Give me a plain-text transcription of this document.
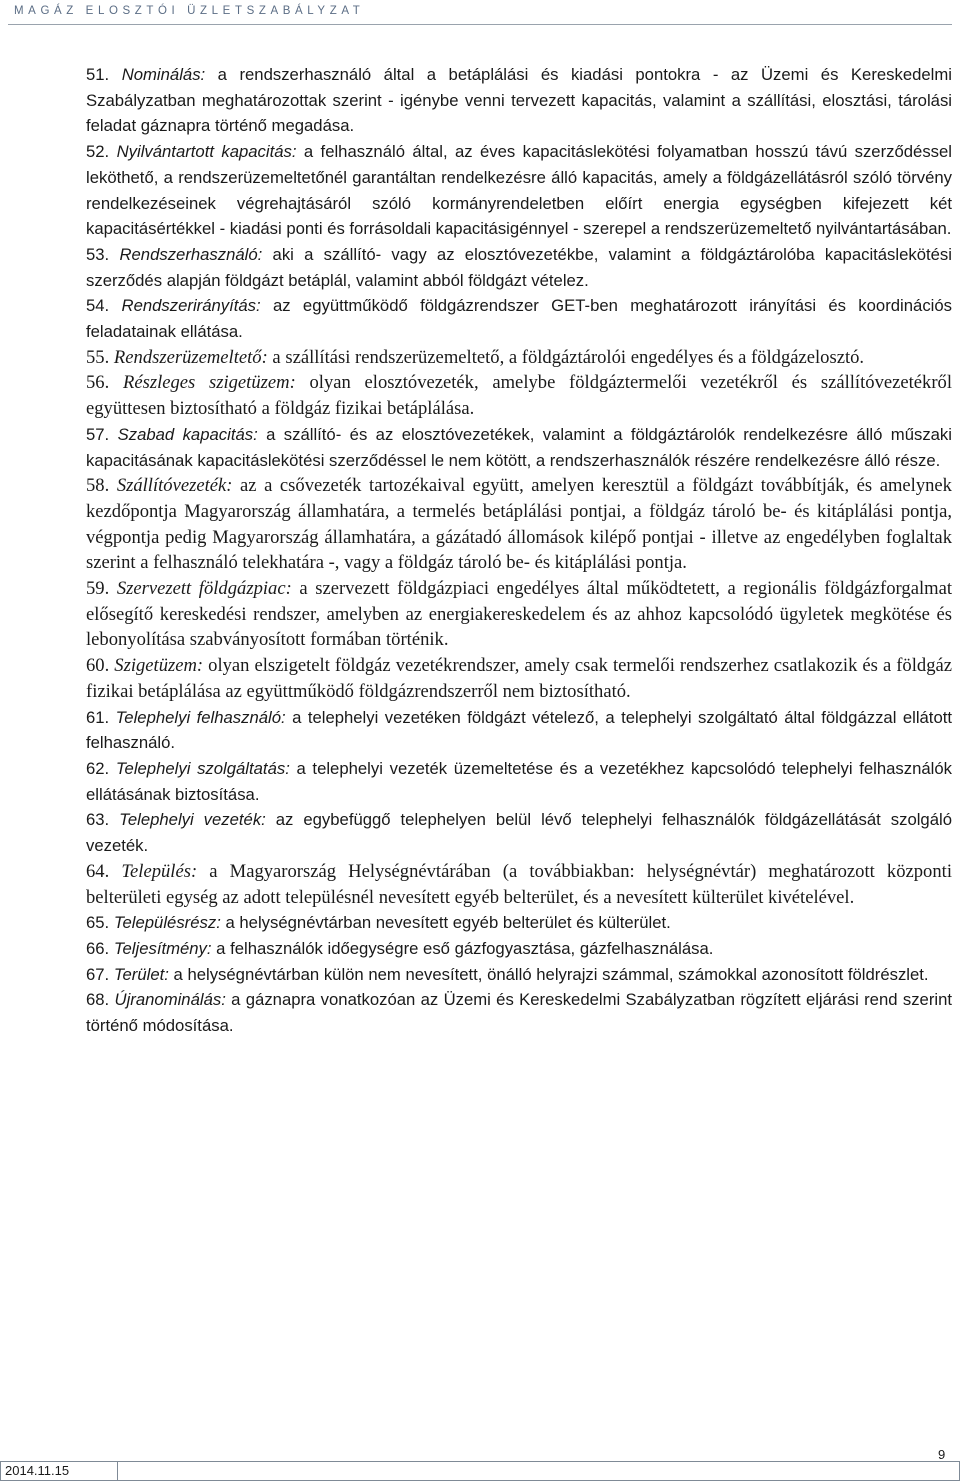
MAGÁZ ELOSZTÓI ÜZLETSZABÁLYZAT

51. Nominálás: a rendszerhasználó által a betáplálási és kiadási pontokra - az Üzemi és Kereskedelmi Szabályzatban meghatározottak szerint - igénybe venni tervezett kapacitás, valamint a szállítási, elosztási, tárolási feladat gáznapra történő megadása.

52. Nyilvántartott kapacitás: a felhasználó által, az éves kapacitáslekötési folyamatban hosszú távú szerződéssel leköthető, a rendszerüzemeltetőnél garantáltan rendelkezésre álló kapacitás, amely a földgázellátásról szóló törvény rendelkezéseinek végrehajtásáról szóló kormányrendeletben előírt energia egységben kifejezett két kapacitásértékkel - kiadási ponti és forrásoldali kapacitásigénnyel - szerepel a rendszerüzemeltető nyilvántartásában.

53. Rendszerhasználó: aki a szállító- vagy az elosztóvezetékbe, valamint a földgáztárolóba kapacitáslekötési szerződés alapján földgázt betáplál, valamint abból földgázt vételez.

54. Rendszerirányítás: az együttműködő földgázrendszer GET-ben meghatározott irányítási és koordinációs feladatainak ellátása.

55. Rendszerüzemeltető: a szállítási rendszerüzemeltető, a földgáztárolói engedélyes és a földgázelosztó.

56. Részleges szigetüzem: olyan elosztóvezeték, amelybe földgáztermelői vezetékről és szállítóvezetékről együttesen biztosítható a földgáz fizikai betáplálása.

57. Szabad kapacitás: a szállító- és az elosztóvezetékek, valamint a földgáztárolók rendelkezésre álló műszaki kapacitásának kapacitáslekötési szerződéssel le nem kötött, a rendszerhasználók részére rendelkezésre álló része.

58. Szállítóvezeték: az a csővezeték tartozékaival együtt, amelyen keresztül a földgázt továbbítják, és amelynek kezdőpontja Magyarország államhatára, a termelés betáplálási pontjai, a földgáz tároló be- és kitáplálási pontja, végpontja pedig Magyarország államhatára, a gázátadó állomások kilépő pontjai - illetve az engedélyben foglaltak szerint a felhasználó telekhatára -, vagy a földgáz tároló be- és kitáplálási pontja.

59. Szervezett földgázpiac: a szervezett földgázpiaci engedélyes által működtetett, a regionális földgázforgalmat elősegítő kereskedési rendszer, amelyben az energiakereskedelem és az ahhoz kapcsolódó ügyletek megkötése és lebonyolítása szabványosított formában történik.

60. Szigetüzem: olyan elszigetelt földgáz vezetékrendszer, amely csak termelői rendszerhez csatlakozik és a földgáz fizikai betáplálása az együttműködő földgázrendszerről nem biztosítható.

61. Telephelyi felhasználó: a telephelyi vezetéken földgázt vételező, a telephelyi szolgáltató által földgázzal ellátott felhasználó.

62. Telephelyi szolgáltatás: a telephelyi vezeték üzemeltetése és a vezetékhez kapcsolódó telephelyi felhasználók ellátásának biztosítása.

63. Telephelyi vezeték: az egybefüggő telephelyen belül lévő telephelyi felhasználók földgázellátását szolgáló vezeték.

64. Település: a Magyarország Helységnévtárában (a továbbiakban: helységnévtár) meghatározott központi belterületi egység az adott településnél nevesített egyéb belterület, és a nevesített külterület kivételével.

65. Településrész: a helységnévtárban nevesített egyéb belterület és külterület.

66. Teljesítmény: a felhasználók időegységre eső gázfogyasztása, gázfelhasználása.

67. Terület: a helységnévtárban külön nem nevesített, önálló helyrajzi számmal, számokkal azonosított földrészlet.

68. Újranominálás: a gáznapra vonatkozóan az Üzemi és Kereskedelmi Szabályzatban rögzített eljárási rend szerint történő módosítása.

2014.11.15
9
